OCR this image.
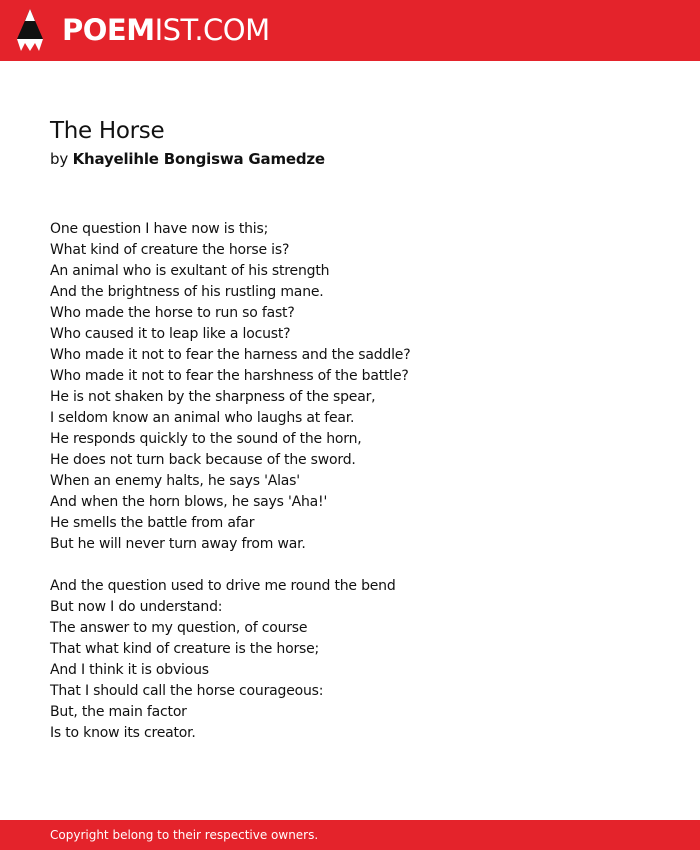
POEMIST.COM
The Horse
by Khayelihle Bongiswa Gamedze
One question I have now is this;
What kind of creature the horse is?
An animal who is exultant of his strength
And the brightness of his rustling mane.
Who made the horse to run so fast?
Who caused it to leap like a locust?
Who made it not to fear the harness and the saddle?
Who made it not to fear the harshness of the battle?
He is not shaken by the sharpness of the spear,
I seldom know an animal who laughs at fear.
He responds quickly to the sound of the horn,
He does not turn back because of the sword.
When an enemy halts, he says 'Alas'
And when the horn blows, he says 'Aha!'
He smells the battle from afar
But he will never turn away from war.
And the question used to drive me round the bend
But now I do understand:
The answer to my question, of course
That what kind of creature is the horse;
And I think it is obvious
That I should call the horse courageous:
But, the main factor
Is to know its creator.
Copyright belong to their respective owners.
